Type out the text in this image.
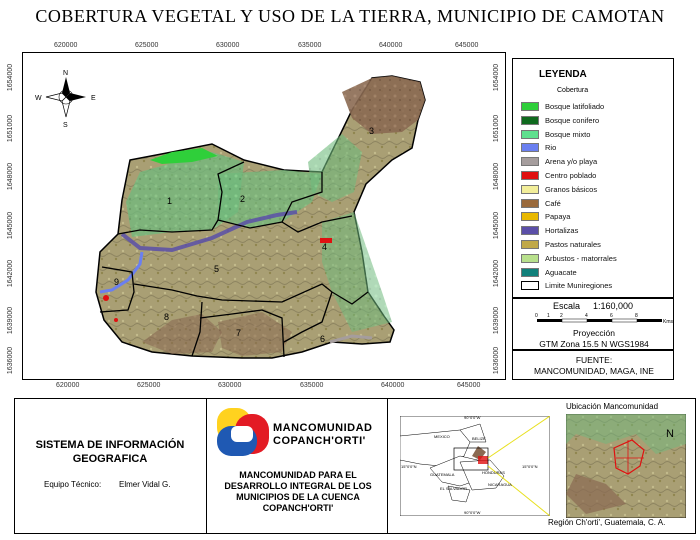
COBERTURA VEGETAL Y USO DE LA TIERRA, MUNICIPIO DE CAMOTAN
620000	625000	630000	635000	640000	645000
620000	625000	630000	635000	640000	645000
1654000
1651000
1648000
1645000
1642000
1639000
1636000
1654000
1651000
1648000
1645000
1642000
1639000
1636000
1	2
3
4
5
6
7
8
9
N
S
E
W
LEYENDA
Cobertura
Bosque latifoliado
Bosque conifero
Bosque mixto
Rio
Arena y/o playa
Centro poblado
Granos básicos
Café
Papaya
Hortalizas
Pastos naturales
Arbustos - matorrales
Aguacate
Limite Muniregiones
Escala 1:160,000
0 1 2	4	6	8
Kms
Proyección
GTM Zona 15.5 N WGS1984
FUENTE:
MANCOMUNIDAD, MAGA, INE
SISTEMA DE INFORMACIÓN GEOGRAFICA
Equipo Técnico: Elmer Vidal G.
MANCOMUNIDAD
COPANCH'ORTI'
MANCOMUNIDAD PARA EL DESARROLLO INTEGRAL DE LOS MUNICIPIOS DE LA CUENCA COPANCH'ORTI'
Ubicación Mancomunidad
90°0'0"W
15°0'0"N	15°0'0"N
90°0'0"W
MEXICO	BELIZE
HONDURAS
GUATEMALA
EL SALVADOR
NICARAGUA
N
Región Ch'orti', Guatemala, C. A.
